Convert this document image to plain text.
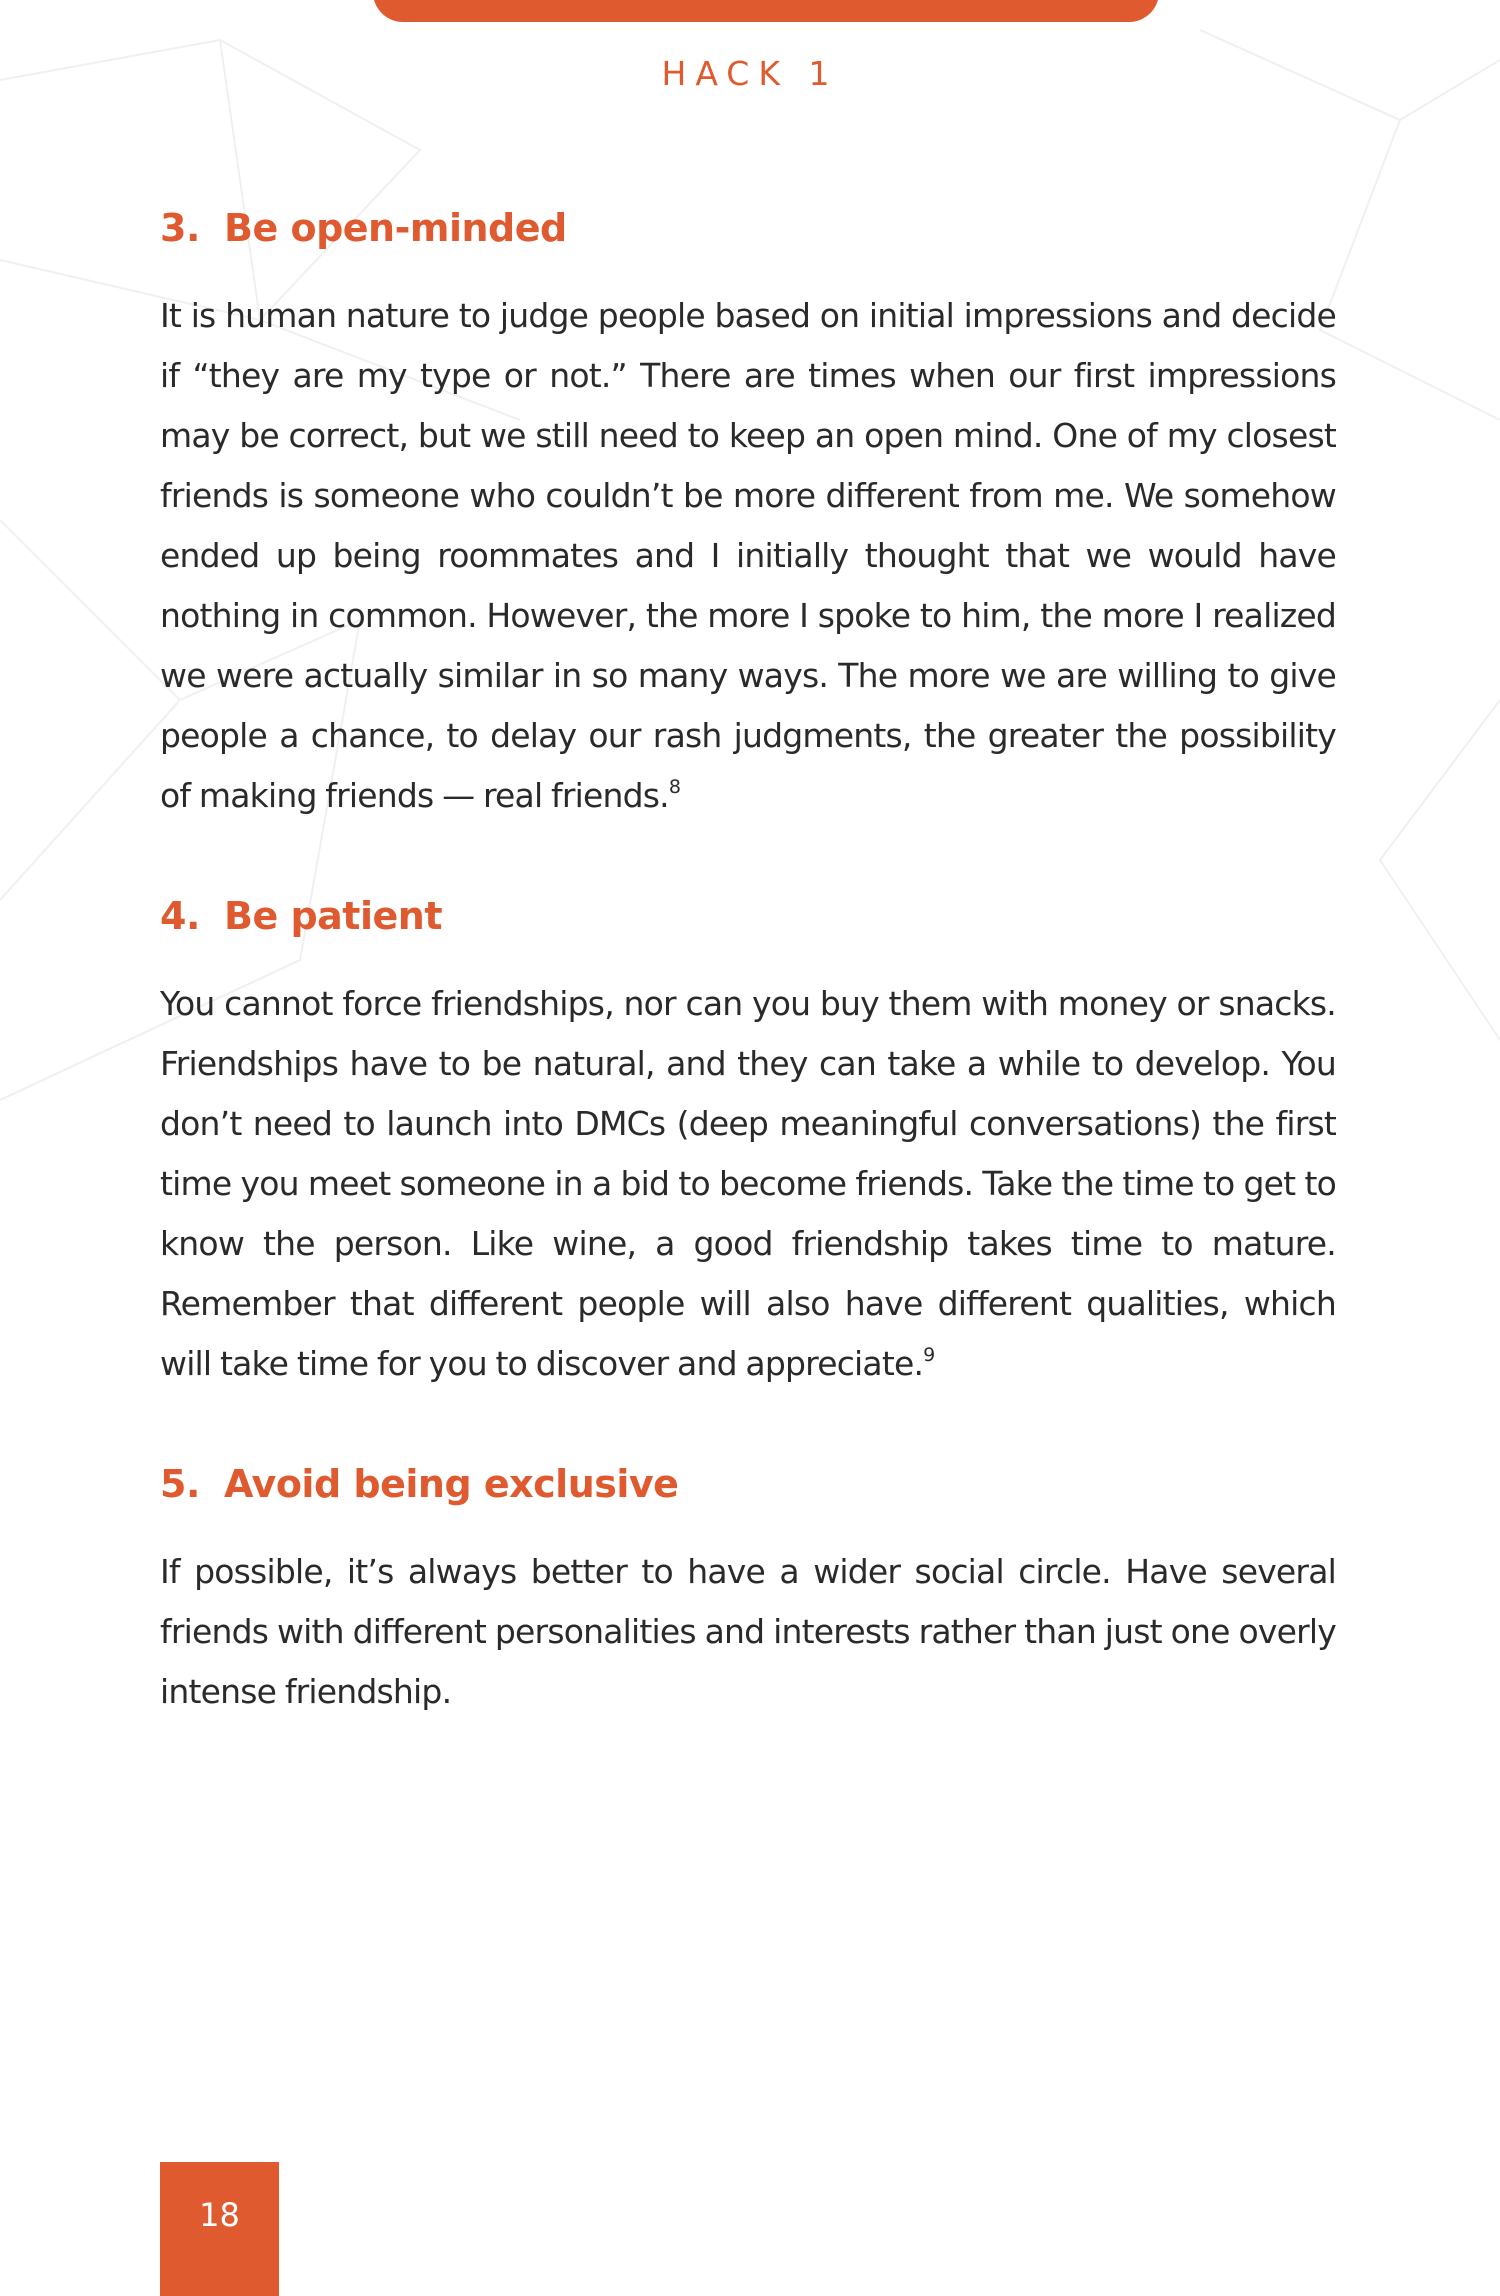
HACK 1
3. Be open-minded

It is human nature to judge people based on initial impressions and decide if “they are my type or not.” There are times when our first impressions may be correct, but we still need to keep an open mind. One of my closest friends is someone who couldn’t be more different from me. We somehow ended up being roommates and I initially thought that we would have nothing in common. However, the more I spoke to him, the more I realized we were actually similar in so many ways. The more we are willing to give people a chance, to delay our rash judgments, the greater the possibility of making friends — real friends.$^8$

4. Be patient

You cannot force friendships, nor can you buy them with money or snacks. Friendships have to be natural, and they can take a while to develop. You don’t need to launch into DMCs (deep meaningful conversations) the first time you meet someone in a bid to become friends. Take the time to get to know the person. Like wine, a good friendship takes time to mature. Remember that different people will also have different qualities, which will take time for you to discover and appreciate.$^9$

5. Avoid being exclusive

If possible, it’s always better to have a wider social circle. Have several friends with different personalities and interests rather than just one overly intense friendship.

18
